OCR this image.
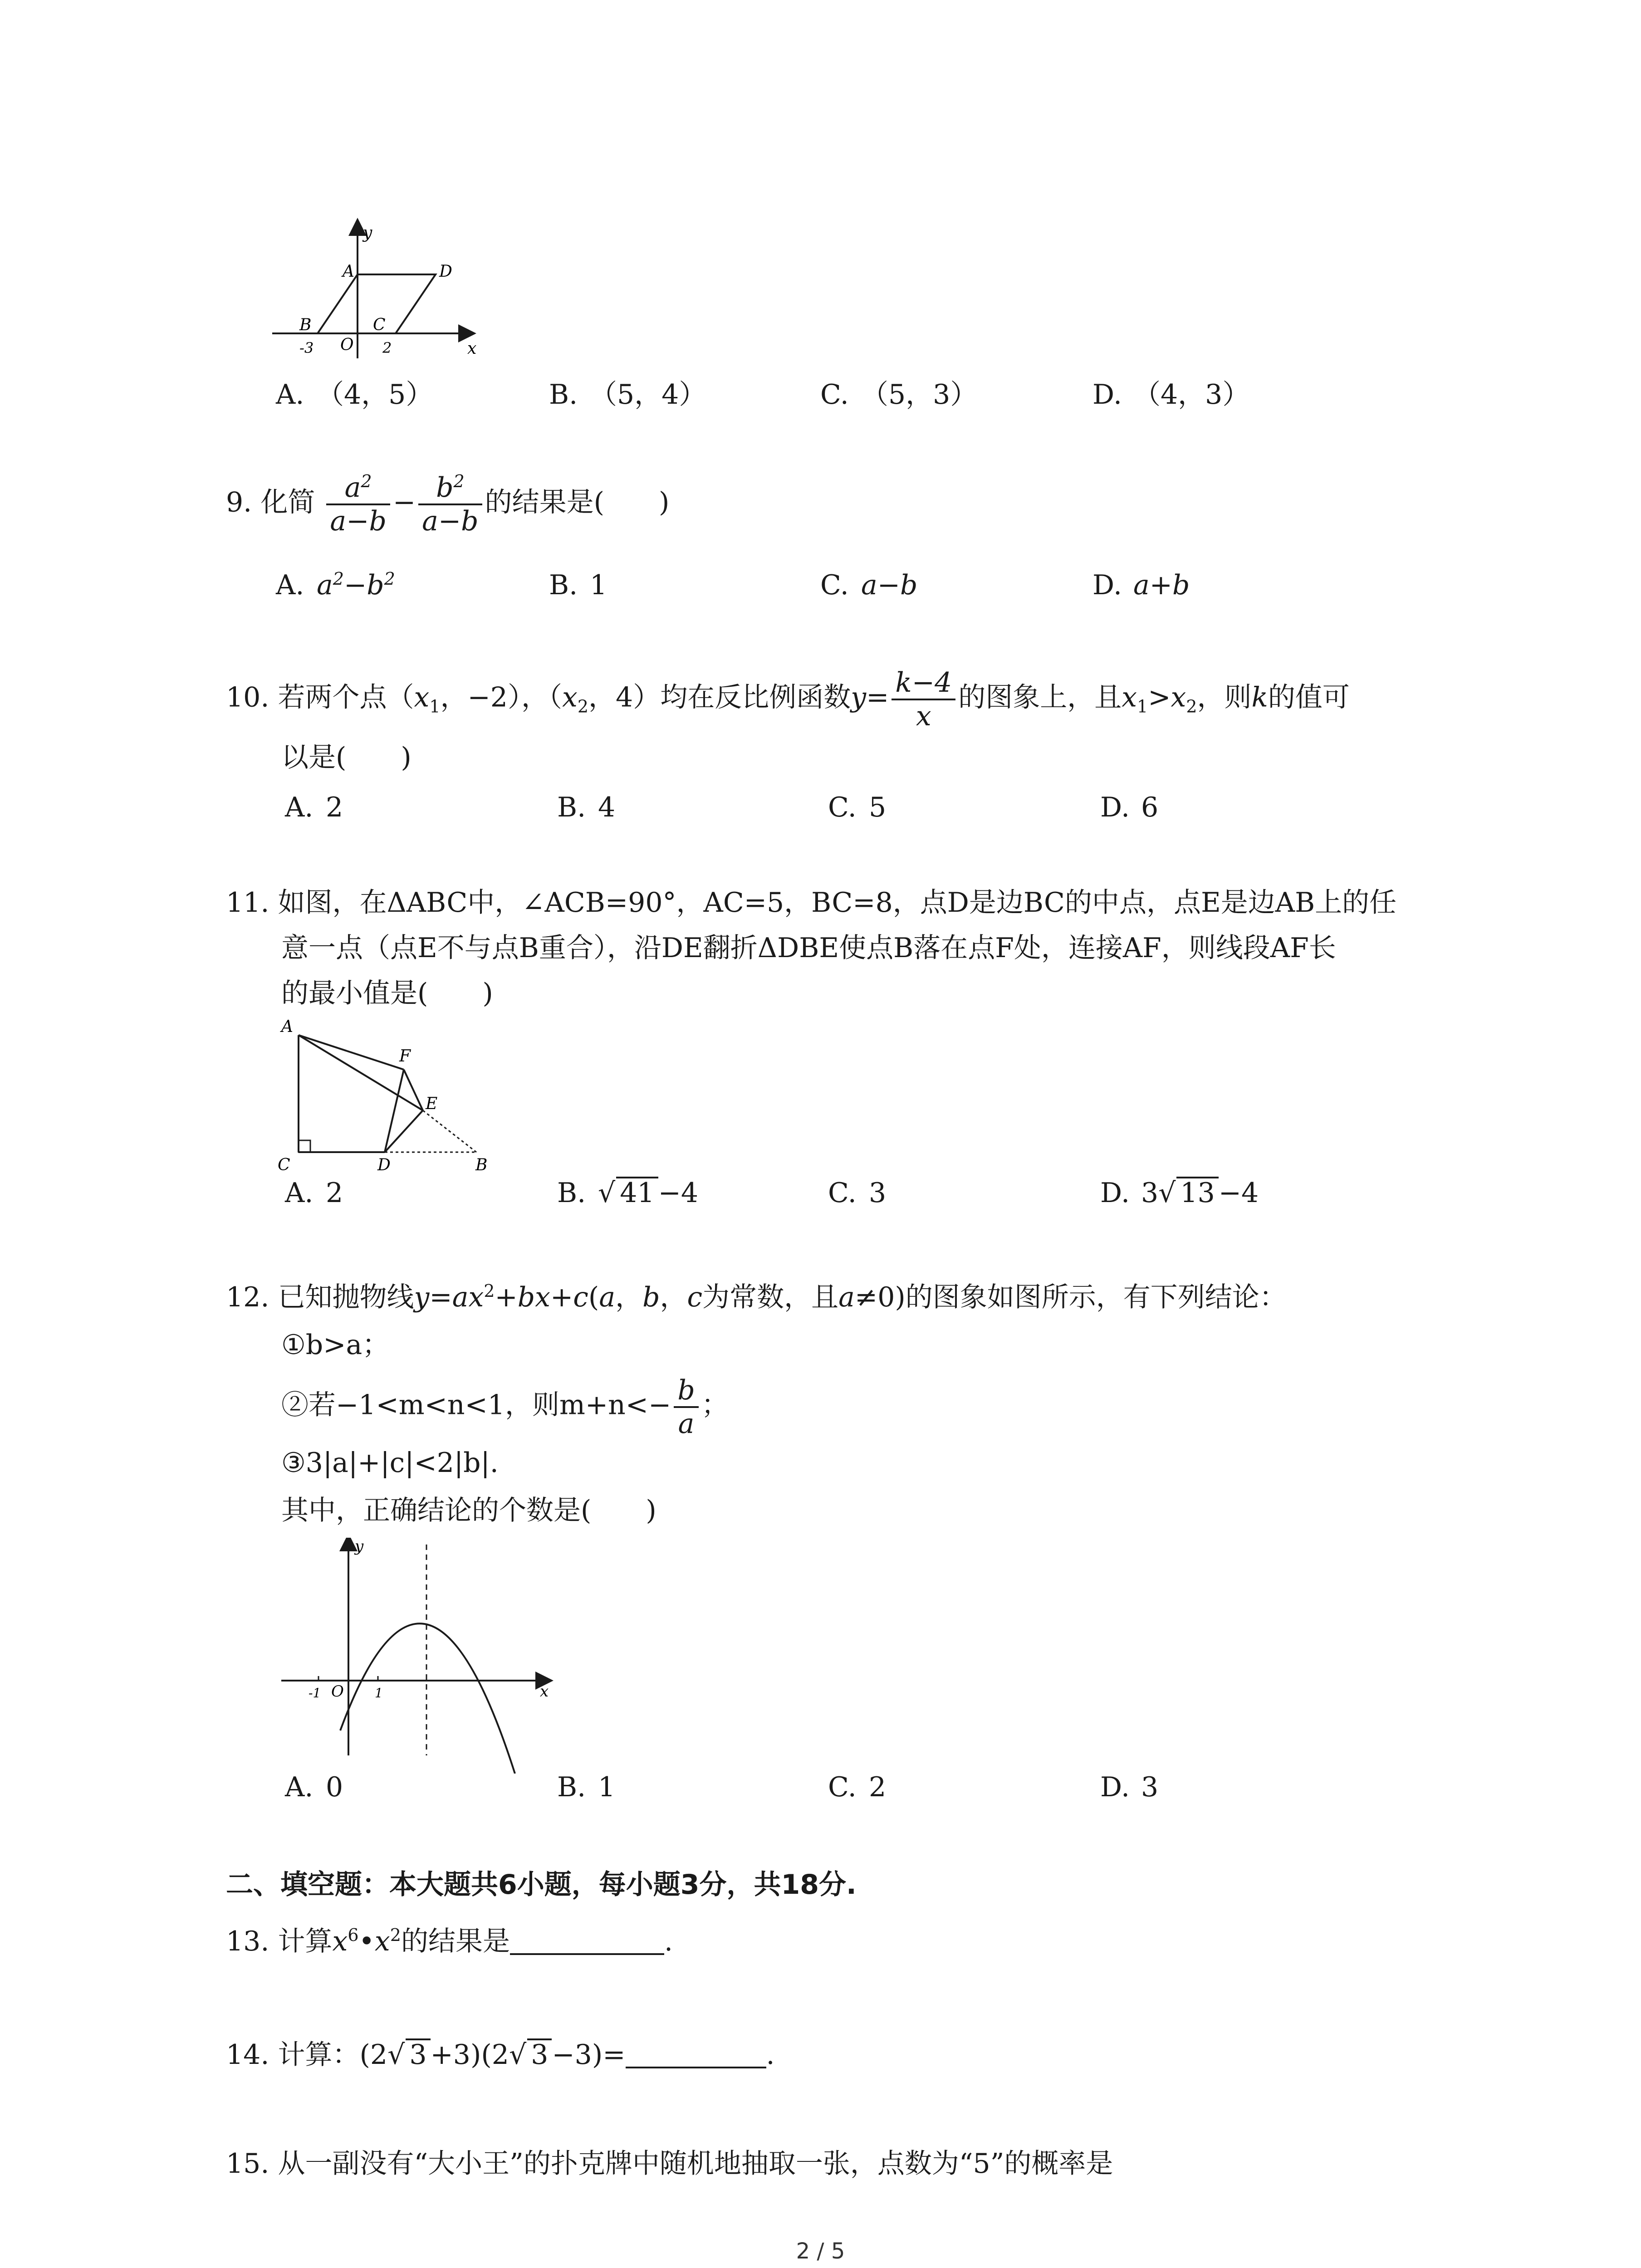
y
x
A	D
B	C
O
-3	2
A. （4，5）	B. （5，4）	C. （5，3）	D. （4，3）
9. 化简 $\frac{a^2}{a-b} - \frac{b^2}{a-b}$ 的结果是(　　)
A. $a^2-b^2$	B. 1	C. a−b	D. a+b
10. 若两个点（$x_1$，−2），（$x_2$，4）均在反比例函数$y= \frac{k-4}{x}$ 的图象上，且$x_1>x_2$，则k的值可
以是(　　)
A. 2	B. 4	C. 5	D. 6
11. 如图，在ΔABC中，∠ACB=90°，AC=5，BC=8，点D是边BC的中点，点E是边AB上的任
意一点（点E不与点B重合），沿DE翻折ΔDBE使点B落在点F处，连接AF，则线段AF长
的最小值是(　　)
A
F
E
C	D	B
A. 2	B. √ 41 −4	C. 3	D. 3√ 13 −4
12. 已知抛物线$y=ax^2+bx+c(a$，b，c为常数，且a≠0)的图象如图所示，有下列结论：
①b>a；
②若−1<m<n<1，则$m+n<- \frac{b}{a}$ ；
③3|a|+|c|<2|b|.
其中，正确结论的个数是(　　)
y
x
O
-1	1
A. 0	B. 1	C. 2	D. 3
二、填空题：本大题共6小题，每小题3分，共18分.
13. 计算$x^6•x^2$的结果是	.
14. 计算：(2√ 3 +3)(2√ 3 −3)=	.
15. 从一副没有“大小王”的扑克牌中随机地抽取一张，点数为“5”的概率是
2 / 5
